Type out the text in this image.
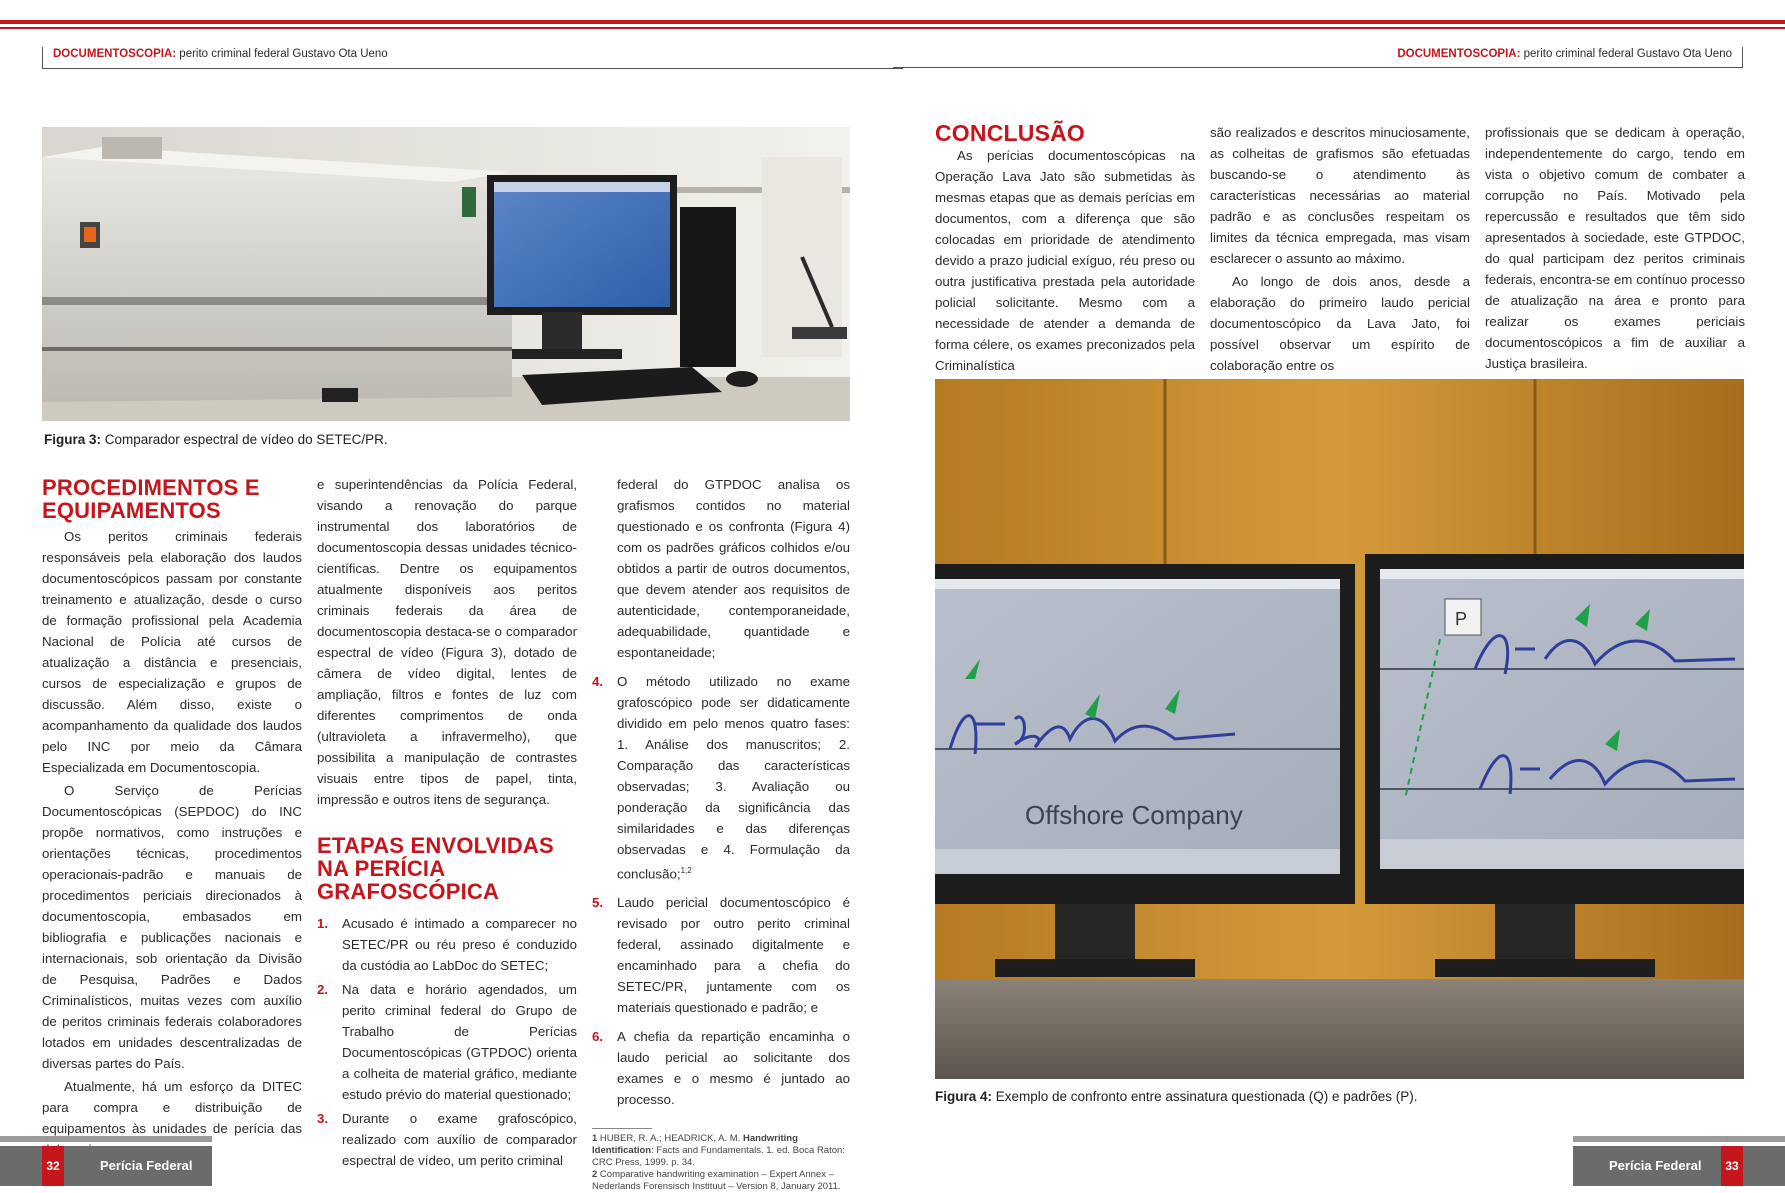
DOCUMENTOSCOPIA: perito criminal federal Gustavo Ota Ueno	DOCUMENTOSCOPIA: perito criminal federal Gustavo Ota Ueno
Figura 3: Comparador espectral de vídeo do SETEC/PR.
PROCEDIMENTOS E EQUIPAMENTOS

Os peritos criminais federais responsáveis pela elaboração dos laudos documentoscópicos passam por constante treinamento e atualização, desde o curso de formação profissional pela Academia Nacional de Polícia até cursos de atualização a distância e presenciais, cursos de especialização e grupos de discussão. Além disso, existe o acompanhamento da qualidade dos laudos pelo INC por meio da Câmara Especializada em Documentoscopia.

O Serviço de Perícias Documentoscópicas (SEPDOC) do INC propõe normativos, como instruções e orientações técnicas, procedimentos operacionais-padrão e manuais de procedimentos periciais direcionados à documentoscopia, embasados em bibliografia e publicações nacionais e internacionais, sob orientação da Divisão de Pesquisa, Padrões e Dados Criminalísticos, muitas vezes com auxílio de peritos criminais federais colaboradores lotados em unidades descentralizadas de diversas partes do País.

Atualmente, há um esforço da DITEC para compra e distribuição de equipamentos às unidades de perícia das

e superintendências da Polícia Federal, visando a renovação do parque instrumental dos laboratórios de documentoscopia dessas unidades técnico-científicas. Dentre os equipamentos atualmente disponíveis aos peritos criminais federais da área de documentoscopia destaca-se o comparador espectral de vídeo (Figura 3), dotado de câmera de vídeo digital, lentes de ampliação, filtros e fontes de luz com diferentes comprimentos de onda (ultravioleta a infravermelho), que possibilita a manipulação de contrastes visuais entre tipos de papel, tinta, impressão e outros itens de segurança.

ETAPAS ENVOLVIDAS NA PERÍCIA GRAFOSCÓPICA
1. Acusado é intimado a comparecer no SETEC/PR ou réu preso é conduzido da custódia ao LabDoc do SETEC;
2. Na data e horário agendados, um perito criminal federal do Grupo de Trabalho de Perícias Documentoscópicas (GTPDOC) orienta a colheita de material gráfico, mediante estudo prévio do material questionado;
3. Durante o exame grafoscópico, realizado com auxílio de comparador espectral de vídeo, um perito criminal
federal do GTPDOC analisa os grafismos contidos no material questionado e os confronta (Figura 4) com os padrões gráficos colhidos e/ou obtidos a partir de outros documentos, que devem atender aos requisitos de autenticidade, contemporaneidade, adequabilidade, quantidade e espontaneidade;
4. O método utilizado no exame grafoscópico pode ser didaticamente dividido em pelo menos quatro fases: 1. Análise dos manuscritos; 2. Comparação das características observadas; 3. Avaliação ou ponderação da significância das similaridades e das diferenças observadas e 4. Formulação da conclusão;$^{1,2}$
5. Laudo pericial documentoscópico é revisado por outro perito criminal federal, assinado digitalmente e encaminhado para a chefia do SETEC/PR, juntamente com os materiais questionado e padrão; e
6. A chefia da repartição encaminha o laudo pericial ao solicitante dos exames e o mesmo é juntado ao processo.
1 HUBER, R. A.; HEADRICK, A. M. Handwriting Identification: Facts and Fundamentals. 1. ed. Boca Raton: CRC Press, 1999. p. 34.
2 Comparative handwriting examination – Expert Annex – Nederlands Forensisch Instituut – Version 8, January 2011.
CONCLUSÃO

As perícias documentoscópicas na Operação Lava Jato são submetidas às mesmas etapas que as demais perícias em documentos, com a diferença que são colocadas em prioridade de atendimento devido a prazo judicial exíguo, réu preso ou outra justificativa prestada pela autoridade policial solicitante. Mesmo com a necessidade de atender a demanda de forma célere, os exames preconizados pela Criminalística

são realizados e descritos minuciosamente, as colheitas de grafismos são efetuadas buscando-se o atendimento às características necessárias ao material padrão e as conclusões respeitam os limites da técnica empregada, mas visam esclarecer o assunto ao máximo.

Ao longo de dois anos, desde a elaboração do primeiro laudo pericial documentoscópico da Lava Jato, foi possível observar um espírito de colaboração entre os

profissionais que se dedicam à operação, independentemente do cargo, tendo em vista o objetivo comum de combater a corrupção no País. Motivado pela repercussão e resultados que têm sido apresentados à sociedade, este GTPDOC, do qual participam dez peritos criminais federais, encontra-se em contínuo processo de atualização na área e pronto para realizar os exames periciais documentoscópicos a fim de auxiliar a Justiça brasileira.

Offshore Company
P
Figura 4: Exemplo de confronto entre assinatura questionada (Q) e padrões (P).
32	Perícia Federal	Perícia Federal	33
